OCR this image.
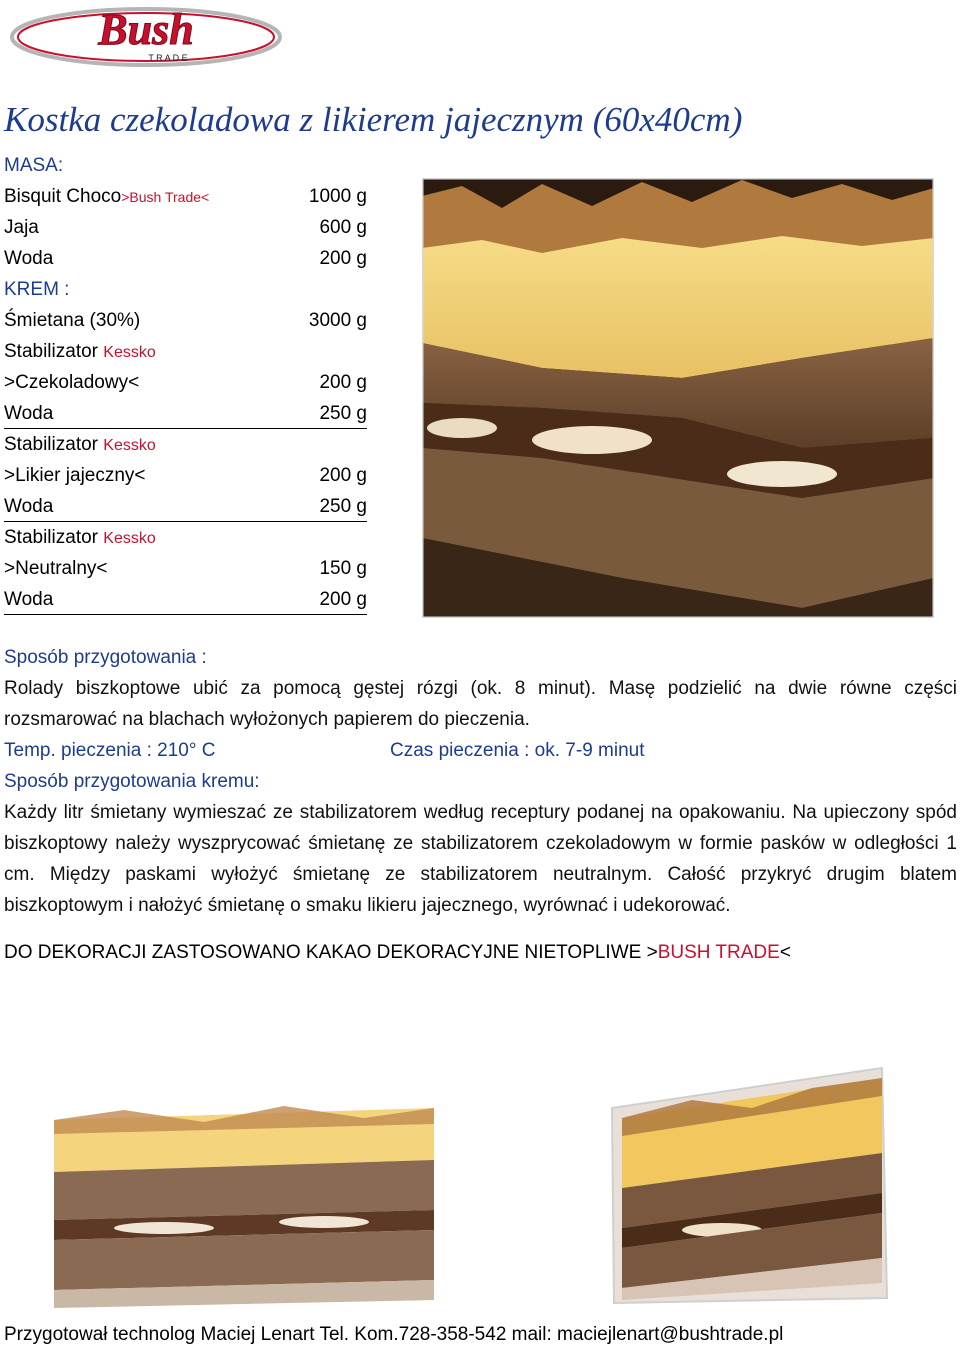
Bush
T R A D E
Kostka czekoladowa z likierem jajecznym (60x40cm)
MASA:
Bisquit Choco>Bush Trade<	1000 g
Jaja	600 g
Woda	200 g
KREM :
Śmietana (30%)	3000 g
Stabilizator Kessko
>Czekoladowy<	200 g
Woda	250 g
Stabilizator Kessko
>Likier jajeczny<	200 g
Woda	250 g
Stabilizator Kessko
>Neutralny<	150 g
Woda	200 g
Sposób przygotowania :
Rolady biszkoptowe ubić za pomocą gęstej rózgi (ok. 8 minut). Masę podzielić na dwie równe części rozsmarować na blachach wyłożonych papierem do pieczenia.
Temp. pieczenia : 210° C	Czas pieczenia : ok. 7-9 minut
Sposób przygotowania kremu:
Każdy litr śmietany wymieszać ze stabilizatorem według receptury podanej na opakowaniu. Na upieczony spód biszkoptowy należy wyszprycować śmietanę ze stabilizatorem czekoladowym w formie pasków w odległości 1 cm. Między paskami wyłożyć śmietanę ze stabilizatorem neutralnym. Całość przykryć drugim blatem biszkoptowym i nałożyć śmietanę o smaku likieru jajecznego, wyrównać i udekorować.
DO DEKORACJI ZASTOSOWANO KAKAO DEKORACYJNE NIETOPLIWE >BUSH TRADE<
Przygotował technolog Maciej Lenart Tel. Kom.728-358-542 mail: maciejlenart@bushtrade.pl
